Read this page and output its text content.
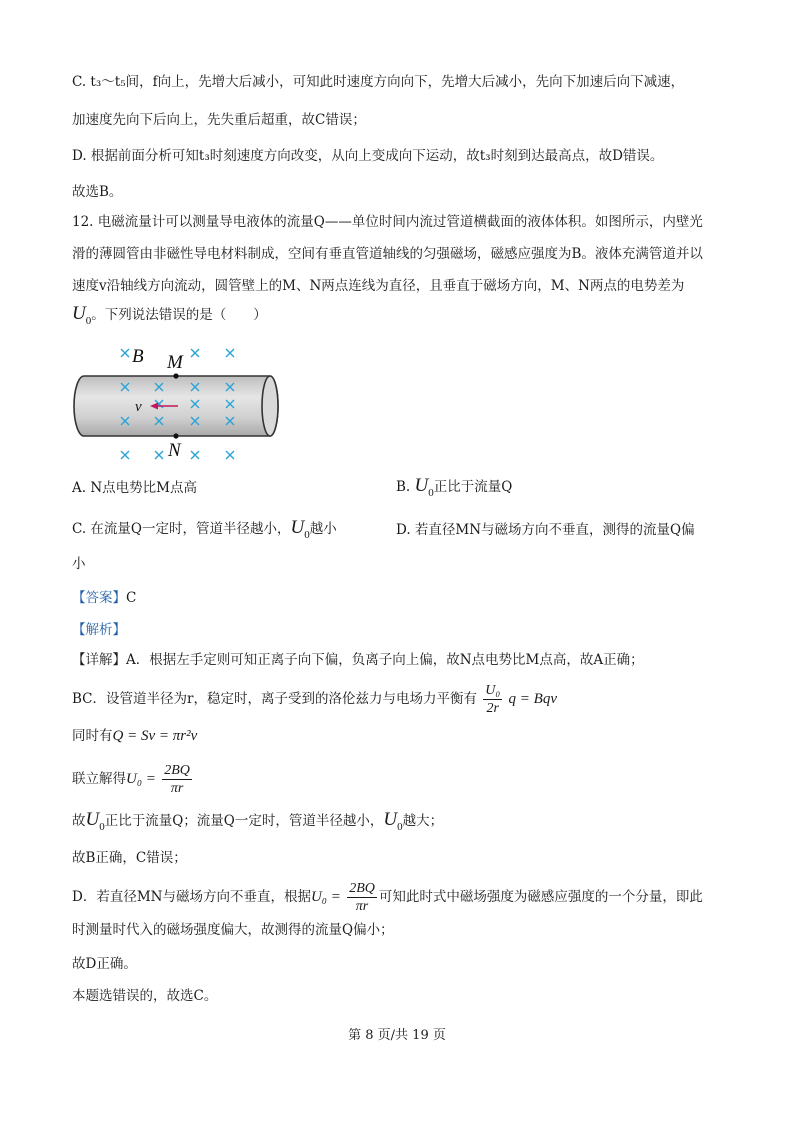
C. t₃～t₅间，f向上，先增大后减小，可知此时速度方向向下，先增大后减小，先向下加速后向下减速，
加速度先向下后向上，先失重后超重，故C错误；
D. 根据前面分析可知t₃时刻速度方向改变，从向上变成向下运动，故t₃时刻到达最高点，故D错误。
故选B。
12. 电磁流量计可以测量导电液体的流量Q——单位时间内流过管道横截面的液体体积。如图所示，内壁光
滑的薄圆管由非磁性导电材料制成，空间有垂直管道轴线的匀强磁场，磁感应强度为B。液体充满管道并以
速度v沿轴线方向流动，圆管壁上的M、N两点连线为直径，且垂直于磁场方向，M、N两点的电势差为
$U_0$。下列说法错误的是（　　）
B M
N
v
A. N点电势比M点高	B. $U_0$正比于流量Q
C. 在流量Q一定时，管道半径越小，$U_0$越小	D. 若直径MN与磁场方向不垂直，测得的流量Q偏
小
【答案】C
【解析】
【详解】A．根据左手定则可知正离子向下偏，负离子向上偏，故N点电势比M点高，故A正确；
BC．设管道半径为r，稳定时，离子受到的洛伦兹力与电场力平衡有 $\frac{\text{U₀}}{2r}$ q = Bqv
同时有Q = Sv = πr²v
联立解得$U_0 = \frac{2BQ}{\pi r}$
故$U_0$正比于流量Q；流量Q一定时，管道半径越小，$U_0$越大；
故B正确，C错误；
D．若直径MN与磁场方向不垂直，根据$U_0 = \frac{2BQ}{\pi r}$ 可知此时式中磁场强度为磁感应强度的一个分量，即此
时测量时代入的磁场强度偏大，故测得的流量Q偏小；
故D正确。
本题选错误的，故选C。
第 8 页/共 19 页
